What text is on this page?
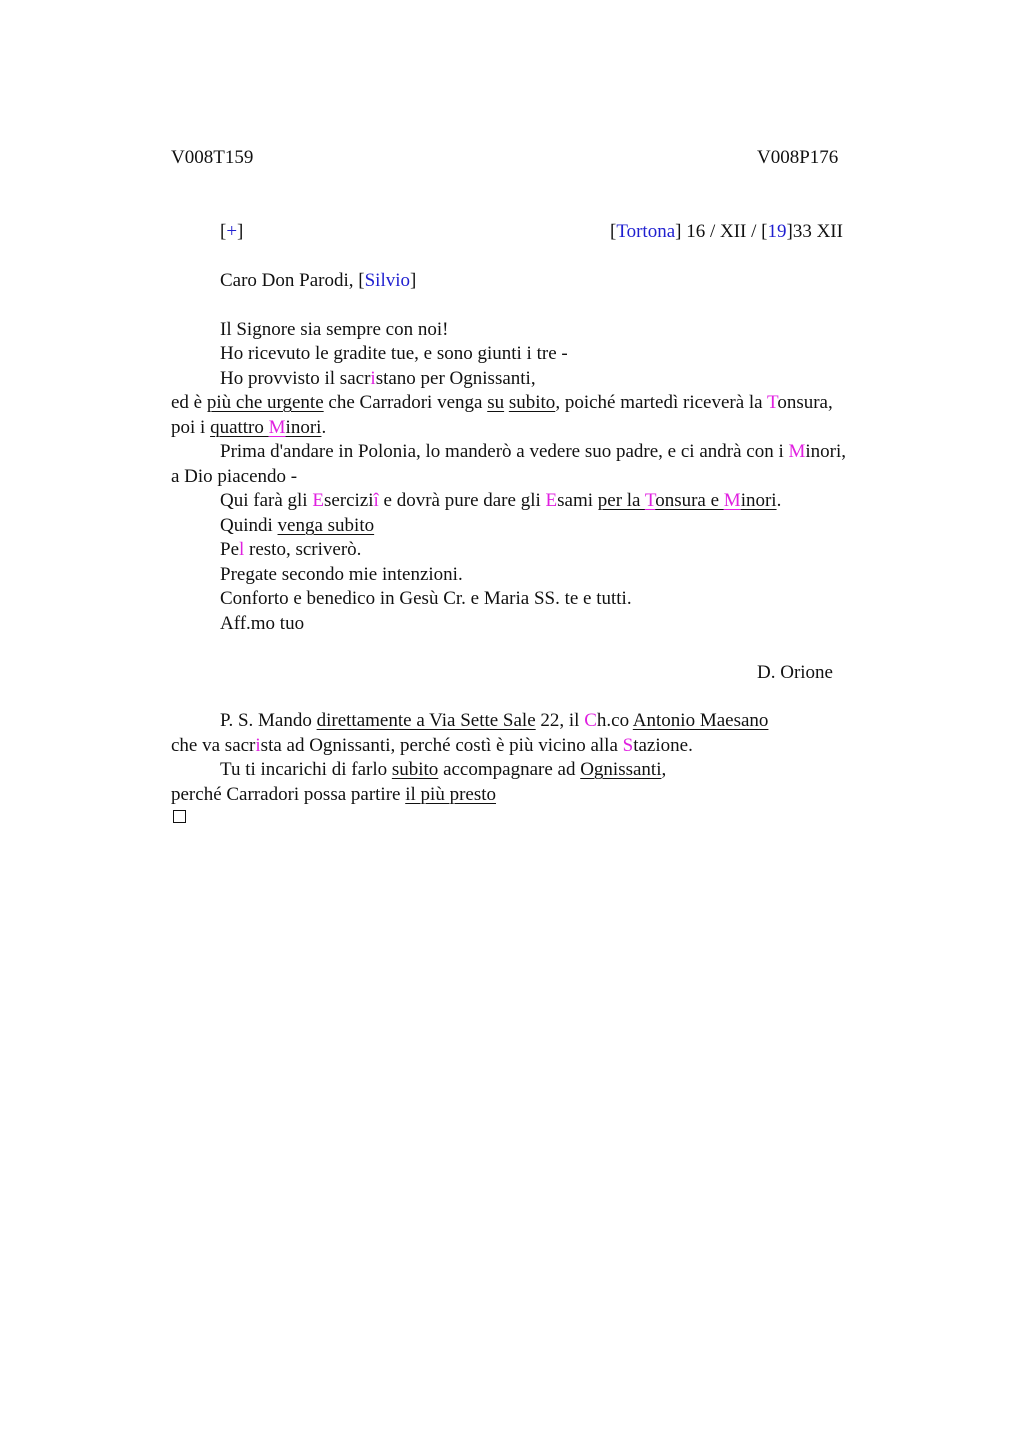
V008T159	V008P176
[+]	[Tortona] 16 / XII / [19]33 XII
Caro Don Parodi, [Silvio]
Il Signore sia sempre con noi!
Ho ricevuto le gradite tue, e sono giunti i tre -
Ho provvisto il sacristano per Ognissanti,
ed è più che urgente che Carradori venga su subito, poiché martedì riceverà la Tonsura,
poi i quattro Minori.
Prima d'andare in Polonia, lo manderò a vedere suo padre, e ci andrà con i Minori,
a Dio piacendo -
Qui farà gli Eserciziî e dovrà pure dare gli Esami per la Tonsura e Minori.
Quindi venga subito
Pel resto, scriverò.
Pregate secondo mie intenzioni.
Conforto e benedico in Gesù Cr. e Maria SS. te e tutti.
Aff.mo tuo
D. Orione
P. S. Mando direttamente a Via Sette Sale 22, il Ch.co Antonio Maesano
che va sacrista ad Ognissanti, perché costì è più vicino alla Stazione.
Tu ti incarichi di farlo subito accompagnare ad Ognissanti,
perché Carradori possa partire il più presto
